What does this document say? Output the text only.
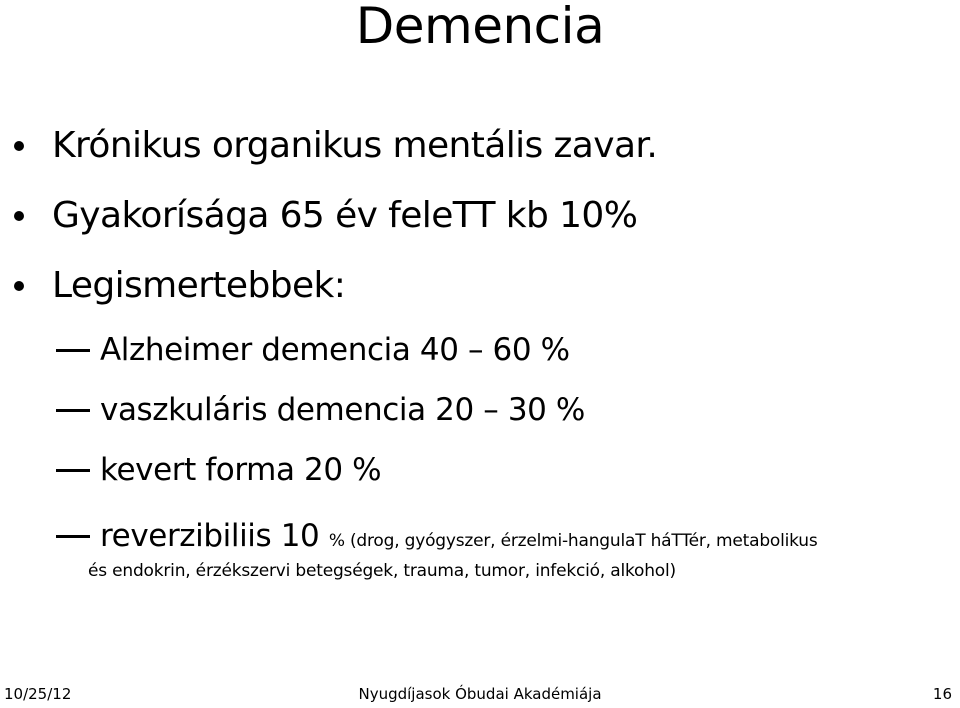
Demencia
Krónikus organikus mentális zavar.
Gyakorísága 65 év feleTT kb 10%
Legismertebbek:
Alzheimer demencia 40 – 60 %
vaszkuláris demencia 20 – 30 %
kevert forma 20 %
reverzibiliis 10 % (drog, gyógyszer, érzelmi-hangulaT háTTér, metabolikus
és endokrin, érzékszervi betegségek, trauma, tumor, infekció, alkohol)
10/25/12	Nyugdíjasok Óbudai Akadémiája	16
